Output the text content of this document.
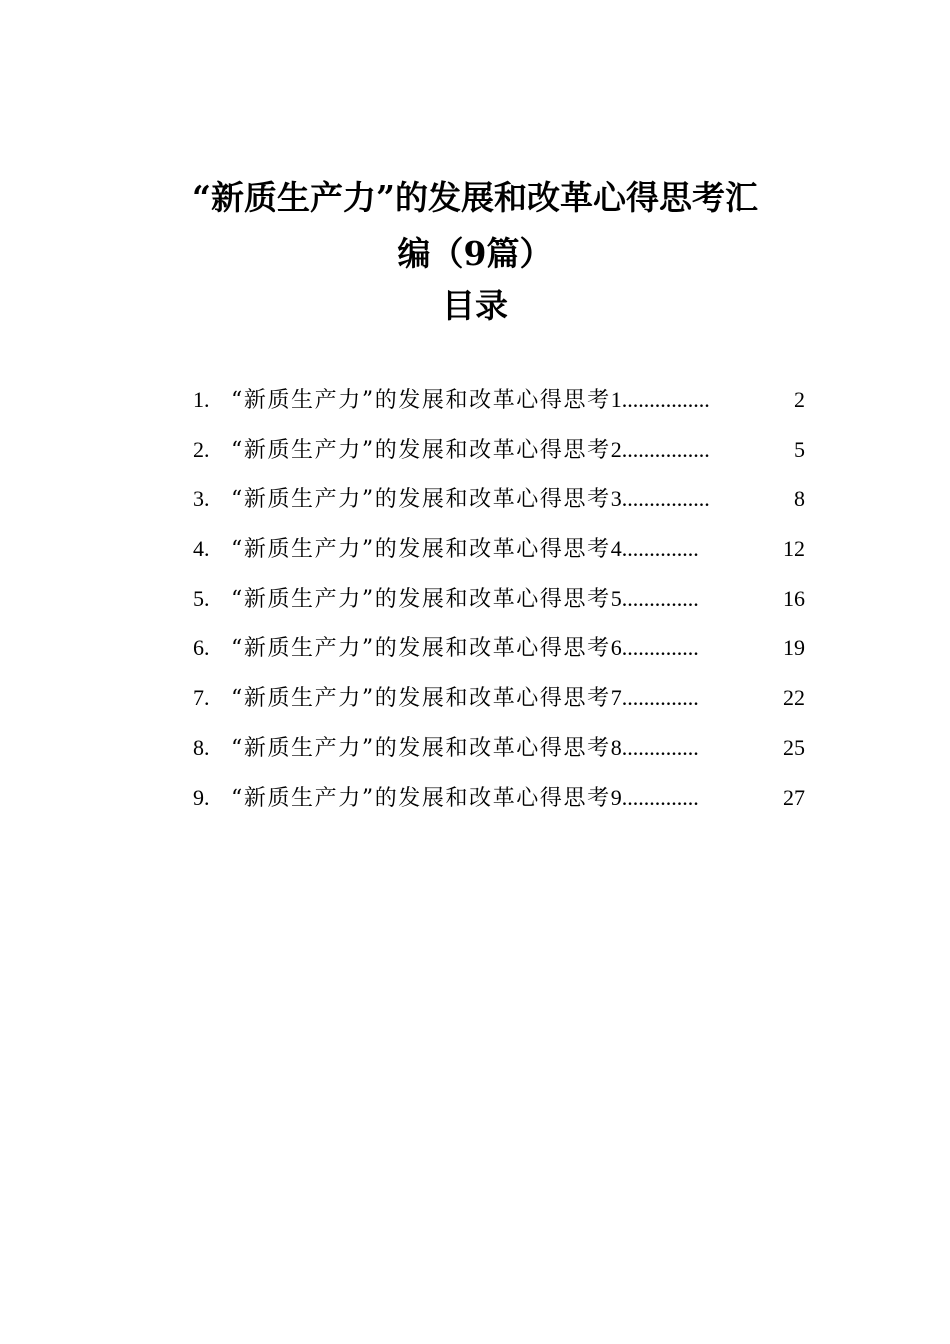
“新质生产力”的发展和改革心得思考汇
编（9篇）
目录
1. “新质生产力”的发展和改革心得思考 1 ................	2
2. “新质生产力”的发展和改革心得思考 2 ................	5
3. “新质生产力”的发展和改革心得思考 3 ................	8
4. “新质生产力”的发展和改革心得思考 4 ..............	12
5. “新质生产力”的发展和改革心得思考 5 ..............	16
6. “新质生产力”的发展和改革心得思考 6 ..............	19
7. “新质生产力”的发展和改革心得思考 7 ..............	22
8. “新质生产力”的发展和改革心得思考 8 ..............	25
9. “新质生产力”的发展和改革心得思考 9 ..............	27
